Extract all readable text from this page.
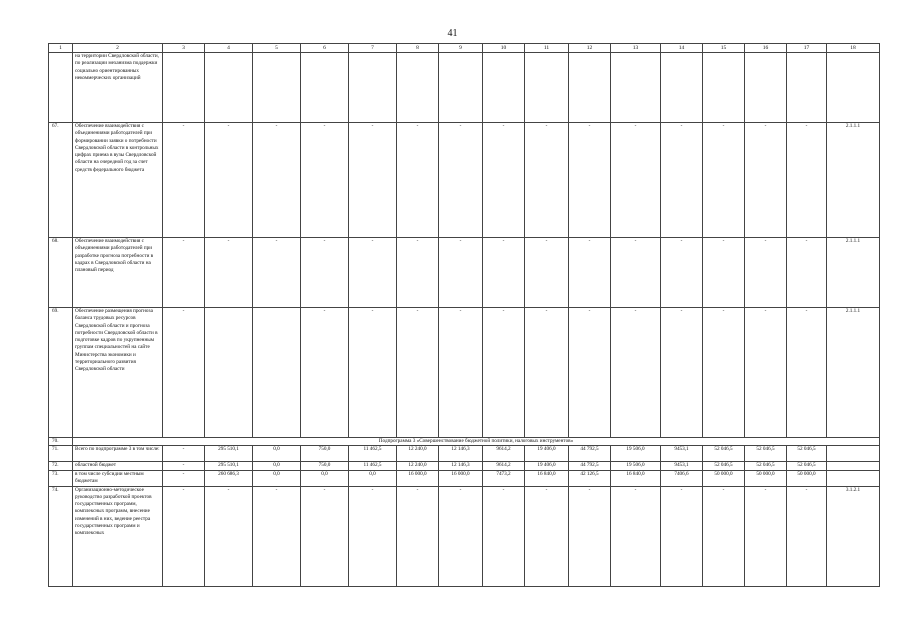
41
1	2	3	4	5	6	7	8	9	10	11	12	13	14	15	16	17	18
	на территории Свердловской области, по реализации механизма поддержки социально ориентированных некоммерческих организаций																
67.	Обеспечение взаимодействия с объединениями работодателей при формировании заявки о потребности Свердловской области в контрольных цифрах приема в вузы Свердловской области на очередной год за счет средств федерального бюджета	-	-	-	-	-	-	-	-	-	-	-	-	-	-	-	2.1.1.1
68.	Обеспечение взаимодействия с объединениями работодателей при разработке прогноза потребности в кадрах в Свердловской области на плановый период	-	-	-	-	-	-	-	-	-	-	-	-	-	-	-	2.1.1.1
69.	Обеспечение размещения прогноза баланса трудовых ресурсов Свердловской области и прогноза потребности Свердловской области в подготовке кадров по укрупненным группам специальностей на сайте Министерства экономики и территориального развития Свердловской области	-			-	-	-	-	-	-	-	-	-	-	-	-	2.1.1.1
70.	Подпрограмма 3 «Совершенствование бюджетной политики, налоговых инструментов»																
71.	Всего по подпрограмме 3 в том числе:	-	295 510,1	0,0	750,0	11 462,5	12 240,0	12 146,3	9614,2	19 406,0	44 792,5	19 506,0	9453,1	52 046,5	52 046,5	52 046,5	
72.	областной бюджет	-	295 510,1	0,0	750,0	11 462,5	12 240,0	12 146,3	9614,2	19 406,0	44 792,5	19 506,0	9453,1	52 046,5	52 046,5	52 046,5	
73.	в том числе субсидии местным бюджетам	-	260 686,3	0,0	0,0	0,0	16 000,0	16 000,0	7473,2	16 840,0	42 126,5	16 840,0	7406,6	50 000,0	50 000,0	50 000,0	
74.	Организационно-методическое руководство разработкой проектов государственных программ, комплексных программ, внесение изменений в них, ведение реестра государственных программ и комплексных	-	-	-	-	-	-	-	-	-	-	-	-	-	-	-	3.1.2.1
